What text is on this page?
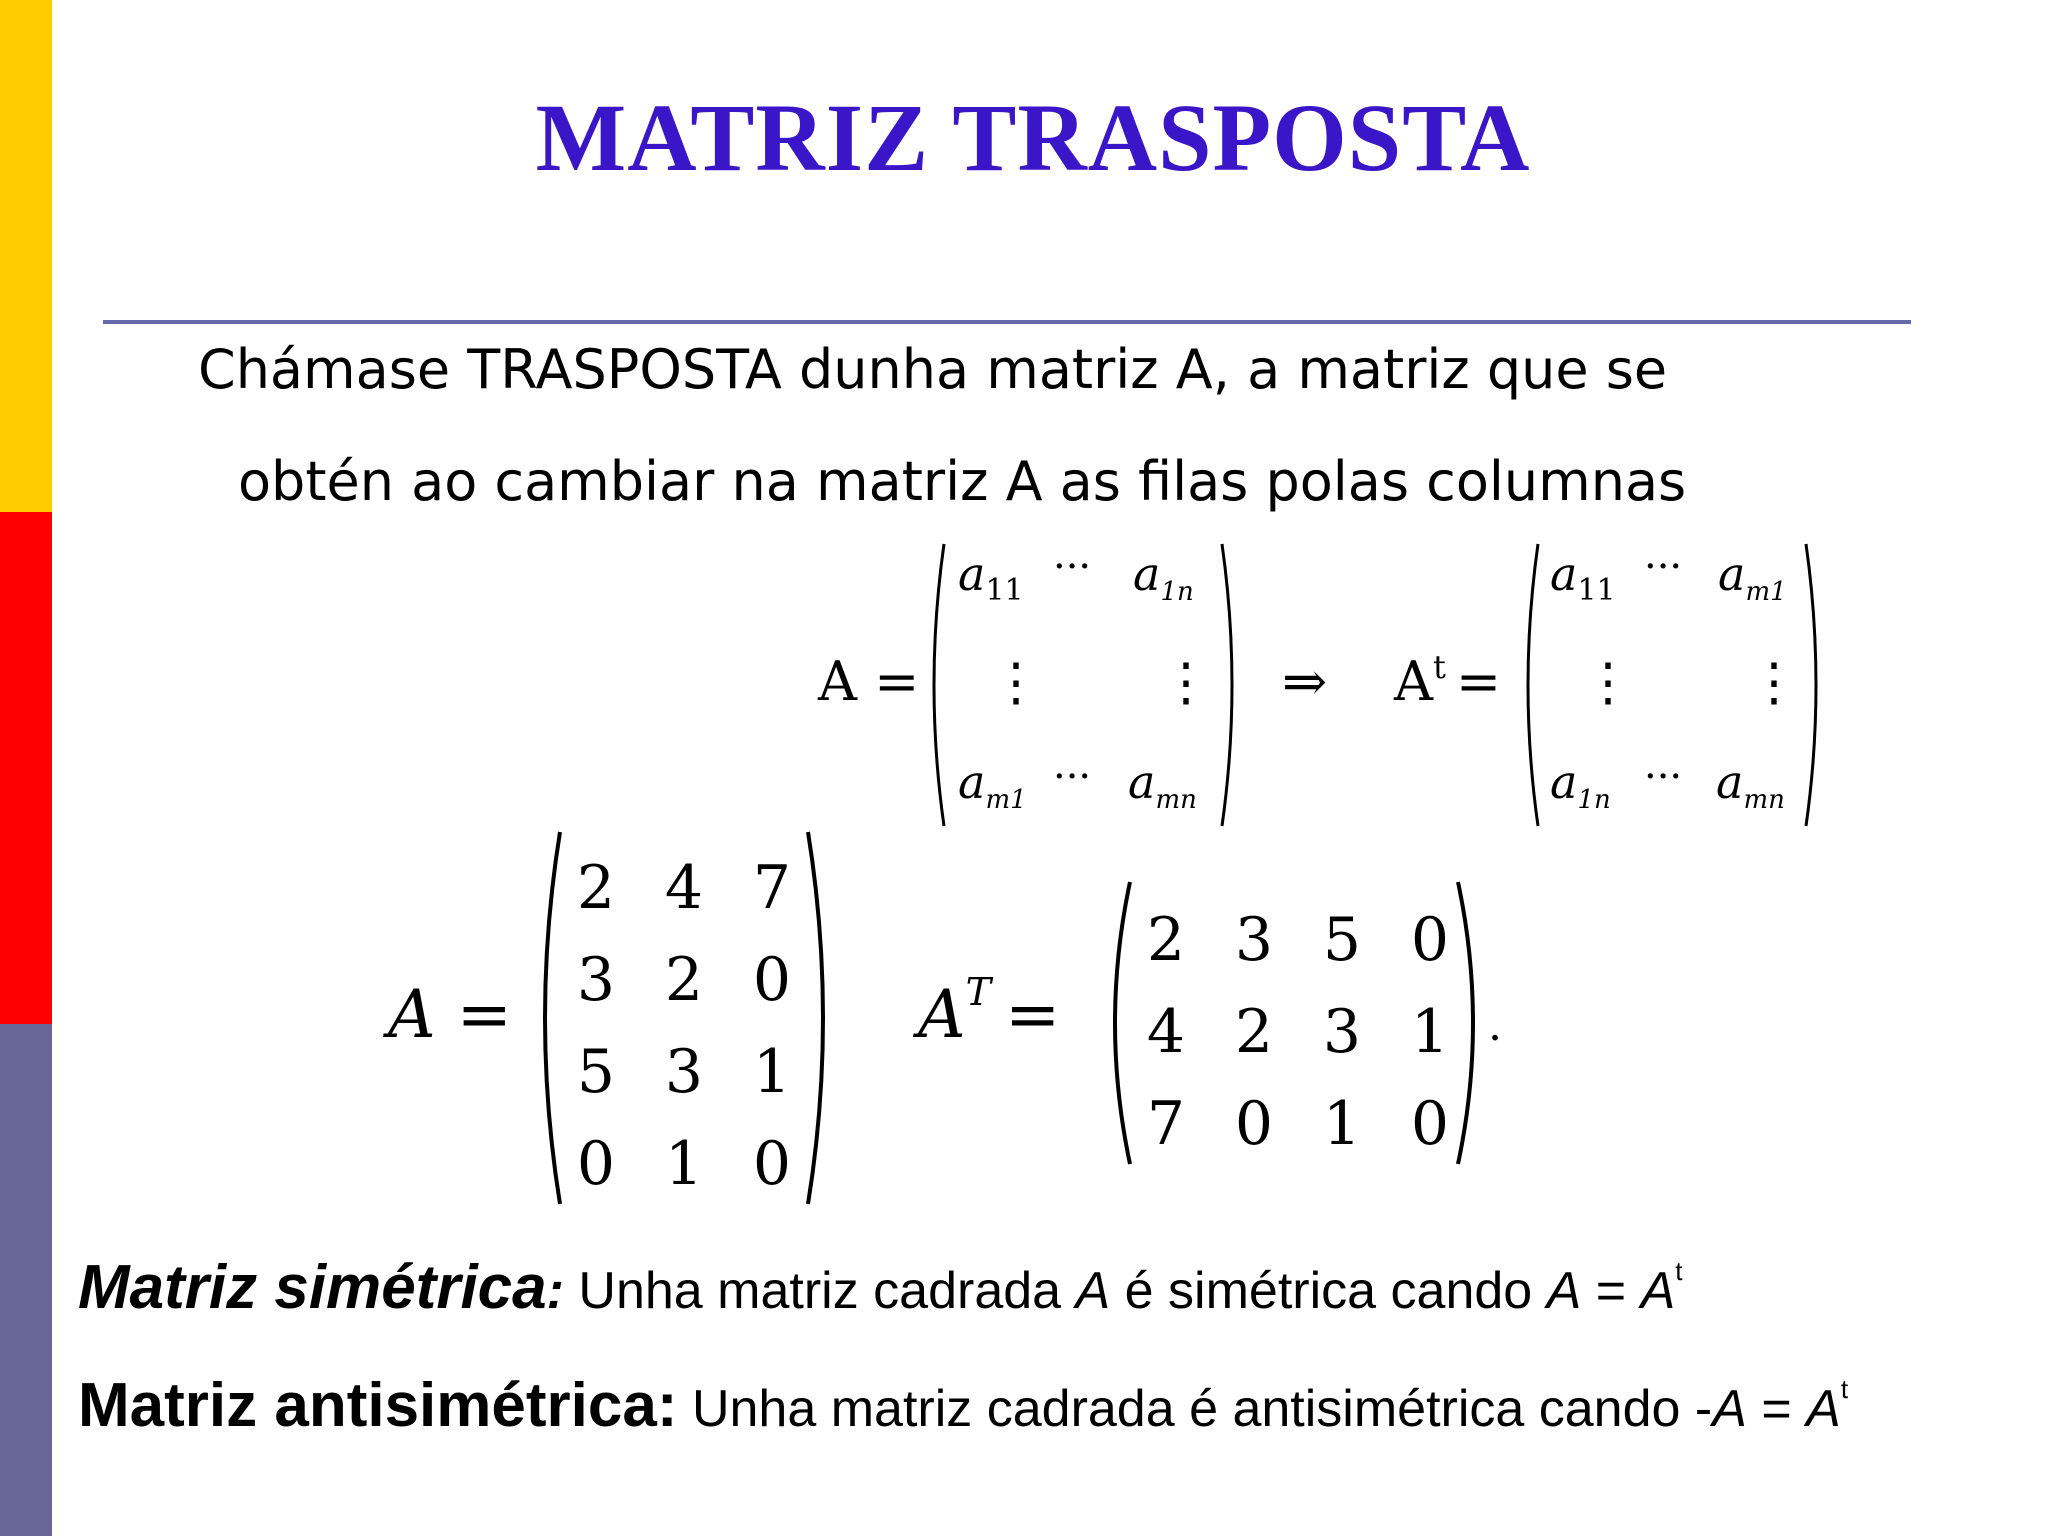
MATRIZ TRASPOSTA
Chámase TRASPOSTA dunha matriz A, a matriz que se
obtén ao cambiar na matriz A as filas polas columnas
A =
$a_{11}$
··· $a_{1n}$
⋮ ⋮
$a_{m1}$ ··· $a_{mn}$
⇒ $A^t$ =
$a_{11}$
··· $a_{m1}$
⋮ ⋮
$a_{1n}$ ··· $a_{mn}$
A =
2 4 7
3 2 0
5 3 1
0 1 0
$A^T$ =
2 3 5 0
4 2 3 1
7 0 1 0
.
Matriz simétrica: Unha matriz cadrada A é simétrica cando $A = A^t$
Matriz antisimétrica: Unha matriz cadrada é antisimétrica cando $-A = A^t$
